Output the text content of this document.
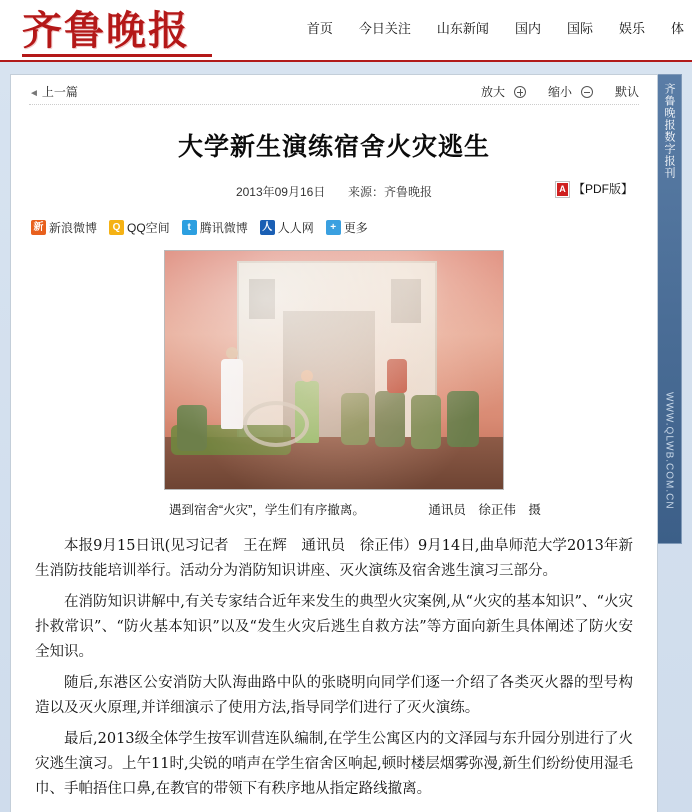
齐鲁晚报	首页 今日关注 山东新闻 国内 国际 娱乐 体
齐鲁晚报数字报刊
WWW.QLWB.COM.CN
◄ 上一篇	放大	缩小	默认
大学新生演练宿舍火灾逃生
2013年09月16日 来源：齐鲁晚报 A	【PDF版】
新 新浪微博	Q QQ空间	t 腾讯微博 人 人人网	+ 更多
遇到宿舍“火灾”，学生们有序撤离。	通讯员　徐正伟　摄

本报9月15日讯(见习记者　王在辉　通讯员　徐正伟）9月14日,曲阜师范大学2013年新生消防技能培训举行。活动分为消防知识讲座、灭火演练及宿舍逃生演习三部分。

在消防知识讲解中,有关专家结合近年来发生的典型火灾案例,从“火灾的基本知识”、“火灾扑救常识”、“防火基本知识”以及“发生火灾后逃生自救方法”等方面向新生具体阐述了防火安全知识。

随后,东港区公安消防大队海曲路中队的张晓明向同学们逐一介绍了各类灭火器的型号构造以及灭火原理,并详细演示了使用方法,指导同学们进行了灭火演练。

最后,2013级全体学生按军训营连队编制,在学生公寓区内的文泽园与东升园分别进行了火灾逃生演习。上午11时,尖锐的哨声在学生宿舍区响起,顿时楼层烟雾弥漫,新生们纷纷使用湿毛巾、手帕捂住口鼻,在教官的带领下有秩序地从指定路线撤离。
